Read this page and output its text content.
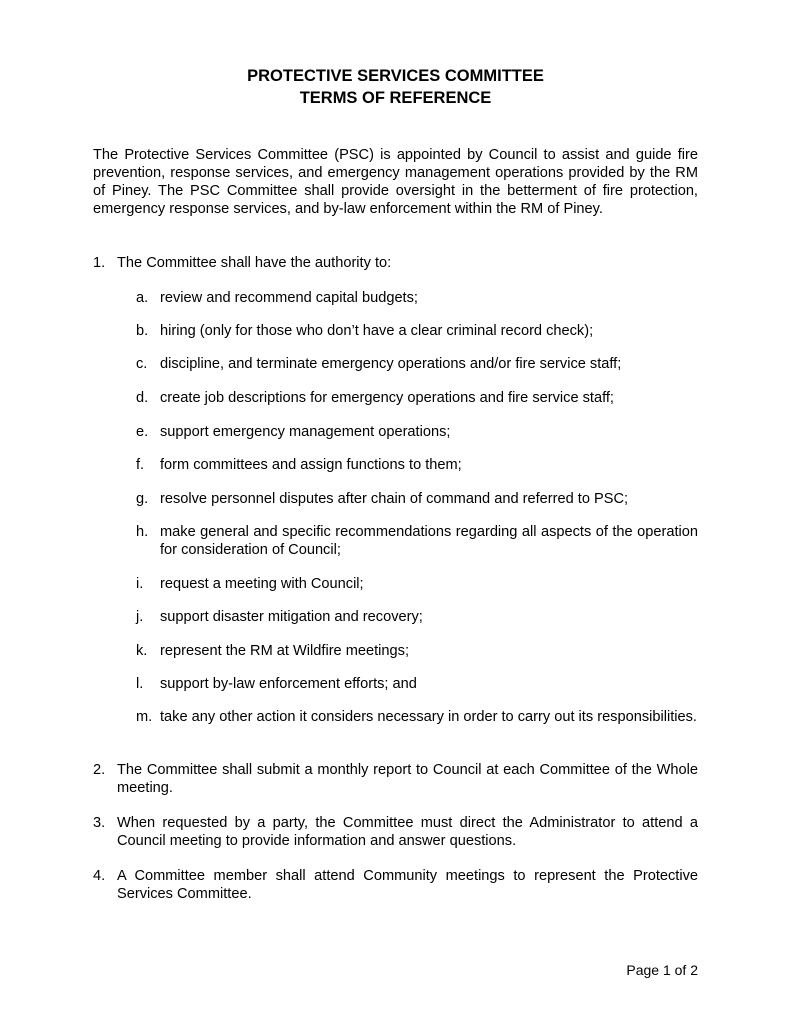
PROTECTIVE SERVICES COMMITTEE
TERMS OF REFERENCE

The Protective Services Committee (PSC) is appointed by Council to assist and guide fire prevention, response services, and emergency management operations provided by the RM of Piney. The PSC Committee shall provide oversight in the betterment of fire protection, emergency response services, and by-law enforcement within the RM of Piney.

1. The Committee shall have the authority to:
a. review and recommend capital budgets;
b. hiring (only for those who don’t have a clear criminal record check);
c. discipline, and terminate emergency operations and/or fire service staff;
d. create job descriptions for emergency operations and fire service staff;
e. support emergency management operations;
f.	form committees and assign functions to them;
g. resolve personnel disputes after chain of command and referred to PSC;
h. make general and specific recommendations regarding all aspects of the operation for consideration of Council;
i.	request a meeting with Council;
j.	support disaster mitigation and recovery;
k. represent the RM at Wildfire meetings;
l.	support by-law enforcement efforts; and
m. take any other action it considers necessary in order to carry out its responsibilities.
2. The Committee shall submit a monthly report to Council at each Committee of the Whole meeting.
3. When requested by a party, the Committee must direct the Administrator to attend a Council meeting to provide information and answer questions.
4. A Committee member shall attend Community meetings to represent the Protective Services Committee.
Page 1 of 2
